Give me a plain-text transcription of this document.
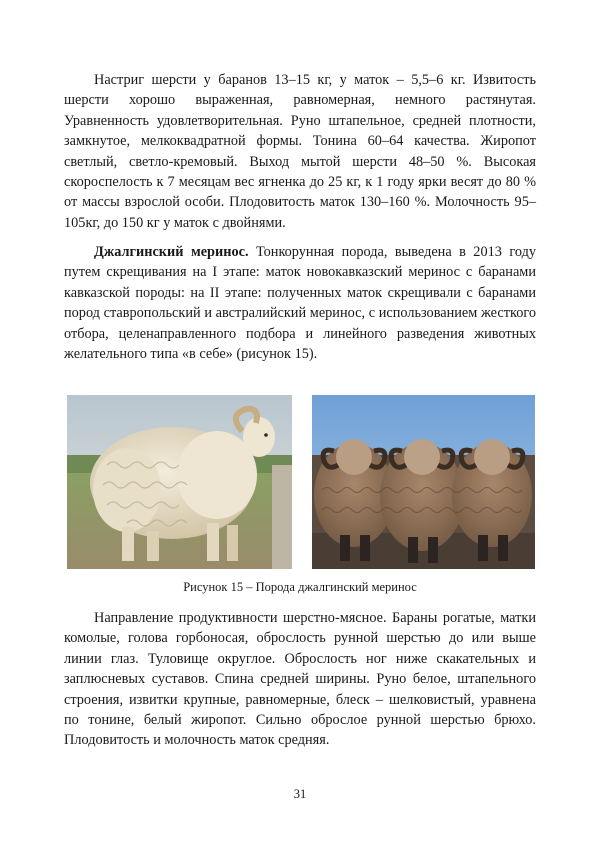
Настриг шерсти у баранов 13–15 кг, у маток – 5,5–6 кг. Извитость шерсти хорошо выраженная, равномерная, немного растянутая. Уравненность удовлетворительная. Руно штапельное, средней плотности, замкнутое, мелкоквадратной формы. Тонина 60–64 качества. Жиропот светлый, светло-кремовый. Выход мытой шерсти 48–50 %. Высокая скороспелость к 7 месяцам вес ягненка до 25 кг, к 1 году ярки весят до 80 % от массы взрослой особи. Плодовитость маток 130–160 %. Молочность 95–105кг, до 150 кг у маток с двойнями.

Джалгинский меринос. Тонкорунная порода, выведена в 2013 году путем скрещивания на I этапе: маток новокавказский меринос с баранами кавказской породы: на II этапе: полученных маток скрещивали с баранами пород ставропольский и австралийский меринос, с использованием жесткого отбора, целенаправленного подбора и линейного разведения животных желательного типа «в себе» (рисунок 15).

Рисунок 15 – Порода джалгинский меринос

Направление продуктивности шерстно-мясное. Бараны рогатые, матки комолые, голова горбоносая, оброслость рунной шерстью до или выше линии глаз. Туловище округлое. Оброслость ног ниже скакательных и заплюсневых суставов. Спина средней ширины. Руно белое, штапельного строения, извитки крупные, равномерные, блеск – шелковистый, уравнена по тонине, белый жиропот. Сильно оброслое рунной шерстью брюхо. Плодовитость и молочность маток средняя.

31
